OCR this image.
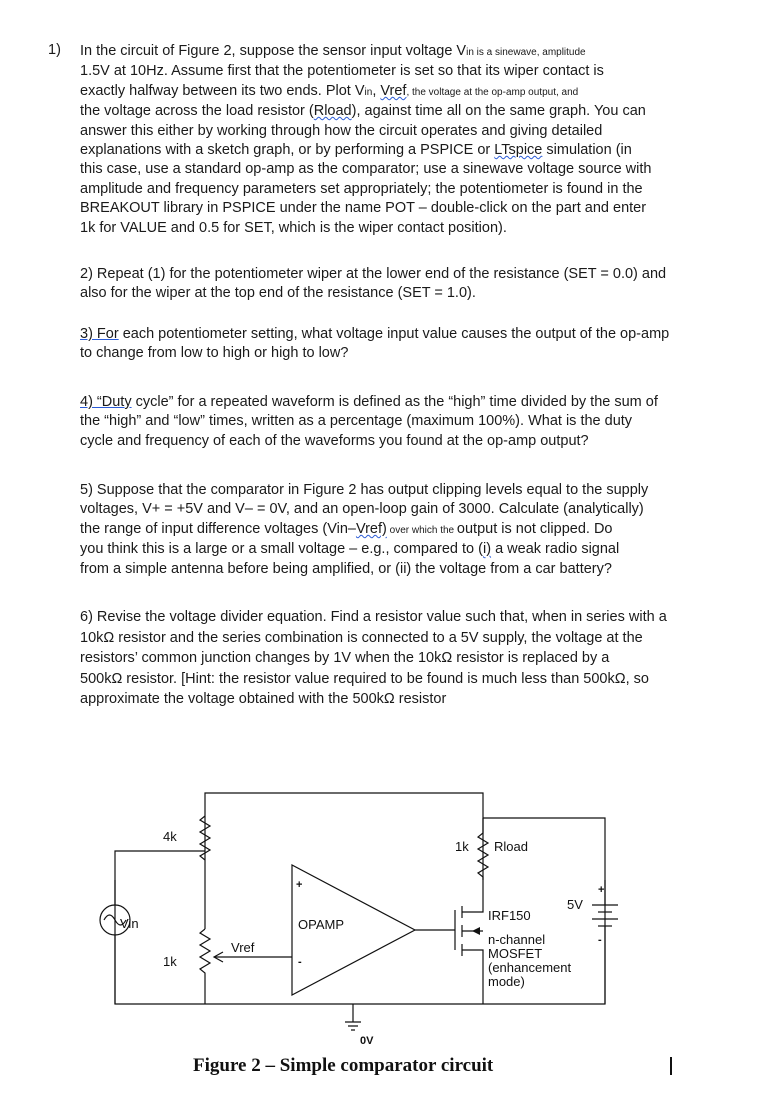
1) In the circuit of Figure 2, suppose the sensor input voltage Vin is a sinewave, amplitude
1.5V at 10Hz. Assume first that the potentiometer is set so that its wiper contact is
exactly halfway between its two ends. Plot Vin, Vref, the voltage at the op-amp output, and
the voltage across the load resistor (Rload), against time all on the same graph. You can
answer this either by working through how the circuit operates and giving detailed
explanations with a sketch graph, or by performing a PSPICE or LTspice simulation (in
this case, use a standard op-amp as the comparator; use a sinewave voltage source with
amplitude and frequency parameters set appropriately; the potentiometer is found in the
BREAKOUT library in PSPICE under the name POT – double-click on the part and enter
1k for VALUE and 0.5 for SET, which is the wiper contact position).
2) Repeat (1) for the potentiometer wiper at the lower end of the resistance (SET = 0.0) and
also for the wiper at the top end of the resistance (SET = 1.0).
3) For each potentiometer setting, what voltage input value causes the output of the op-amp
to change from low to high or high to low?
4) “Duty cycle” for a repeated waveform is defined as the “high” time divided by the sum of
the “high” and “low” times, written as a percentage (maximum 100%). What is the duty
cycle and frequency of each of the waveforms you found at the op-amp output?
5) Suppose that the comparator in Figure 2 has output clipping levels equal to the supply
voltages, V+ = +5V and V– = 0V, and an open-loop gain of 3000. Calculate (analytically)
the range of input difference voltages (Vin–Vref) over which the output is not clipped. Do
you think this is a large or a small voltage – e.g., compared to (i) a weak radio signal
from a simple antenna before being amplified, or (ii) the voltage from a car battery?
6) Revise the voltage divider equation. Find a resistor value such that, when in series with a
10kΩ resistor and the series combination is connected to a 5V supply, the voltage at the
resistors’ common junction changes by 1V when the 10kΩ resistor is replaced by a
500kΩ resistor. [Hint: the resistor value required to be found is much less than 500kΩ, so
approximate the voltage obtained with the 500kΩ resistor
4k
1k
Vin
Vref
OPAMP
+
-
1k Rload
IRF150
n-channel
MOSFET
(enhancement
mode)
5V
+
-
0V
Figure 2 – Simple comparator circuit
